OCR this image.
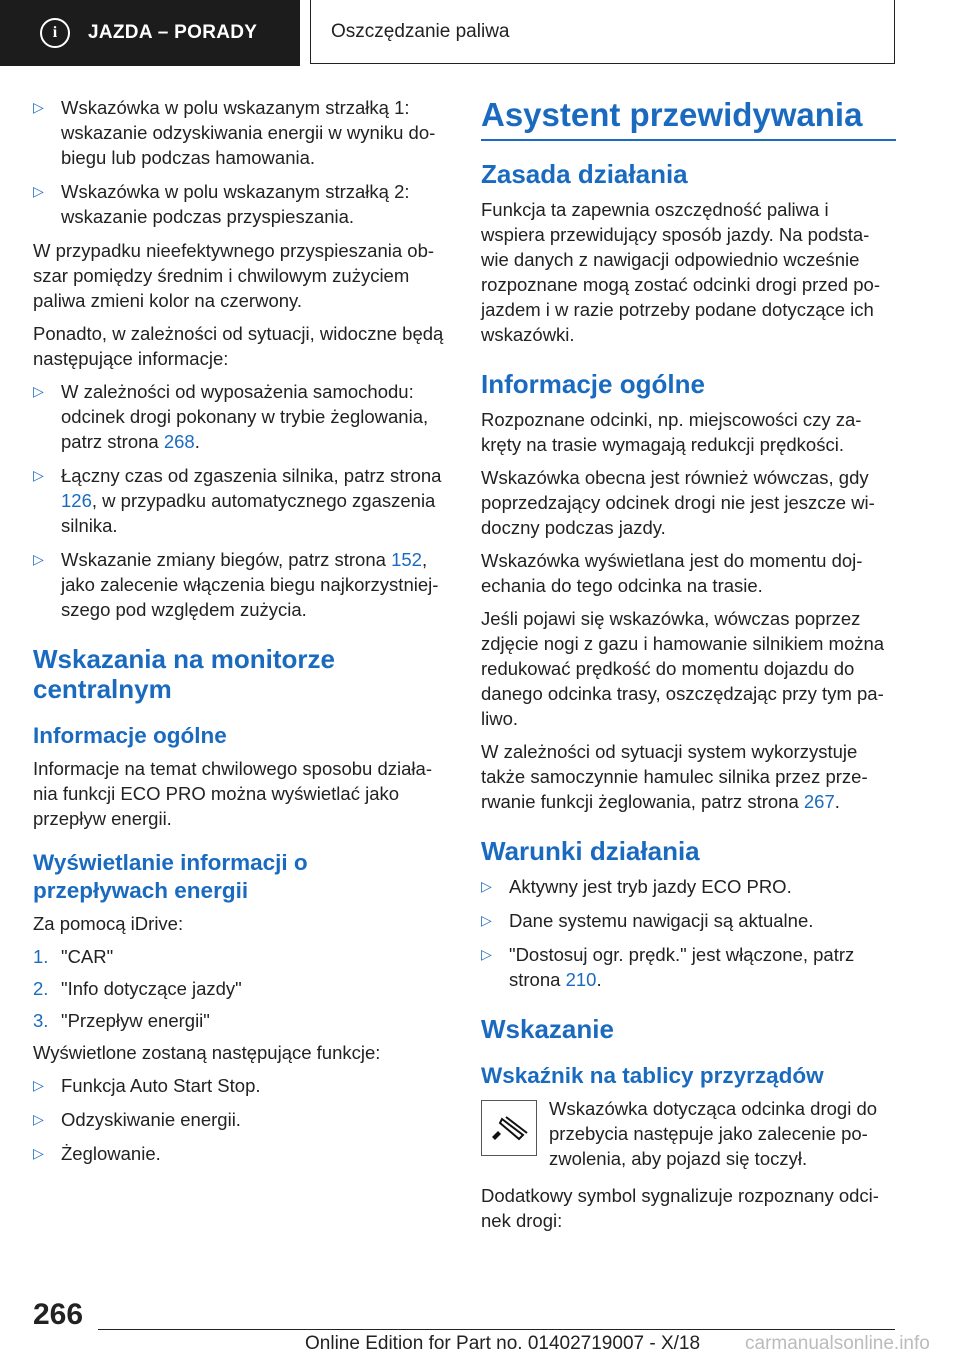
i	JAZDA – PORADY	Oszczędzanie paliwa
▷ Wskazówka w polu wskazanym strzałką 1: wskazanie odzyskiwania energii w wyniku do‐biegu lub podczas hamowania.
▷ Wskazówka w polu wskazanym strzałką 2: wskazanie podczas przyspieszania.

W przypadku nieefektywnego przyspieszania ob‐szar pomiędzy średnim i chwilowym zużyciem paliwa zmieni kolor na czerwony.

Ponadto, w zależności od sytuacji, widoczne będą następujące informacje:

▷ W zależności od wyposażenia samochodu: odcinek drogi pokonany w trybie żeglowania, patrz strona 268.
▷ Łączny czas od zgaszenia silnika, patrz strona 126, w przypadku automatycznego zgaszenia silnika.
▷ Wskazanie zmiany biegów, patrz strona 152, jako zalecenie włączenia biegu najkorzystniej‐szego pod względem zużycia.
Wskazania na monitorze centralnym
Informacje ogólne

Informacje na temat chwilowego sposobu działa‐nia funkcji ECO PRO można wyświetlać jako przepływ energii.

Wyświetlanie informacji o przepływach energii

Za pomocą iDrive:

1. "CAR"
2. "Info dotyczące jazdy"
3. "Przepływ energii"

Wyświetlone zostaną następujące funkcje:

▷ Funkcja Auto Start Stop.
▷ Odzyskiwanie energii.
▷ Żeglowanie.
Asystent przewidywania
Zasada działania

Funkcja ta zapewnia oszczędność paliwa i wspiera przewidujący sposób jazdy. Na podsta‐wie danych z nawigacji odpowiednio wcześnie rozpoznane mogą zostać odcinki drogi przed po‐jazdem i w razie potrzeby podane dotyczące ich wskazówki.

Informacje ogólne

Rozpoznane odcinki, np. miejscowości czy za‐kręty na trasie wymagają redukcji prędkości.

Wskazówka obecna jest również wówczas, gdy poprzedzający odcinek drogi nie jest jeszcze wi‐doczny podczas jazdy.

Wskazówka wyświetlana jest do momentu doj‐echania do tego odcinka na trasie.

Jeśli pojawi się wskazówka, wówczas poprzez zdjęcie nogi z gazu i hamowanie silnikiem można redukować prędkość do momentu dojazdu do danego odcinka trasy, oszczędzając przy tym pa‐liwo.

W zależności od sytuacji system wykorzystuje także samoczynnie hamulec silnika przez prze‐rwanie funkcji żeglowania, patrz strona 267.

Warunki działania
▷ Aktywny jest tryb jazdy ECO PRO.
▷ Dane systemu nawigacji są aktualne.
▷ "Dostosuj ogr. prędk." jest włączone, patrz strona 210.
Wskazanie
Wskaźnik na tablicy przyrządów
Wskazówka dotycząca odcinka drogi do przebycia następuje jako zalecenie po‐zwolenia, aby pojazd się toczył.

Dodatkowy symbol sygnalizuje rozpoznany odci‐nek drogi:

266
Online Edition for Part no. 01402719007 - X/18 carmanualsonline.info
